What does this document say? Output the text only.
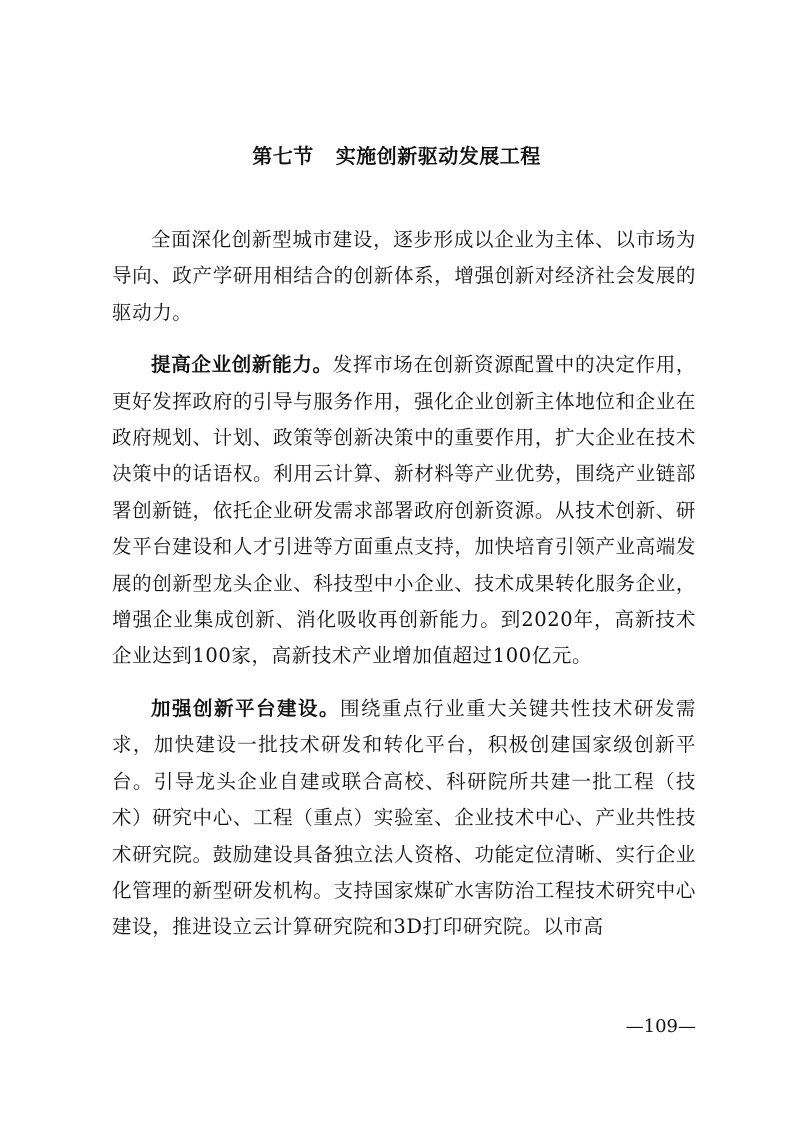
第七节 实施创新驱动发展工程

全面深化创新型城市建设，逐步形成以企业为主体、以市场为导向、政产学研用相结合的创新体系，增强创新对经济社会发展的驱动力。

提高企业创新能力。发挥市场在创新资源配置中的决定作用，更好发挥政府的引导与服务作用，强化企业创新主体地位和企业在政府规划、计划、政策等创新决策中的重要作用，扩大企业在技术决策中的话语权。利用云计算、新材料等产业优势，围绕产业链部署创新链，依托企业研发需求部署政府创新资源。从技术创新、研发平台建设和人才引进等方面重点支持，加快培育引领产业高端发展的创新型龙头企业、科技型中小企业、技术成果转化服务企业，增强企业集成创新、消化吸收再创新能力。到2020年，高新技术企业达到100家，高新技术产业增加值超过100亿元。

加强创新平台建设。围绕重点行业重大关键共性技术研发需求，加快建设一批技术研发和转化平台，积极创建国家级创新平台。引导龙头企业自建或联合高校、科研院所共建一批工程（技术）研究中心、工程（重点）实验室、企业技术中心、产业共性技术研究院。鼓励建设具备独立法人资格、功能定位清晰、实行企业化管理的新型研发机构。支持国家煤矿水害防治工程技术研究中心建设，推进设立云计算研究院和3D打印研究院。以市高

—109—
